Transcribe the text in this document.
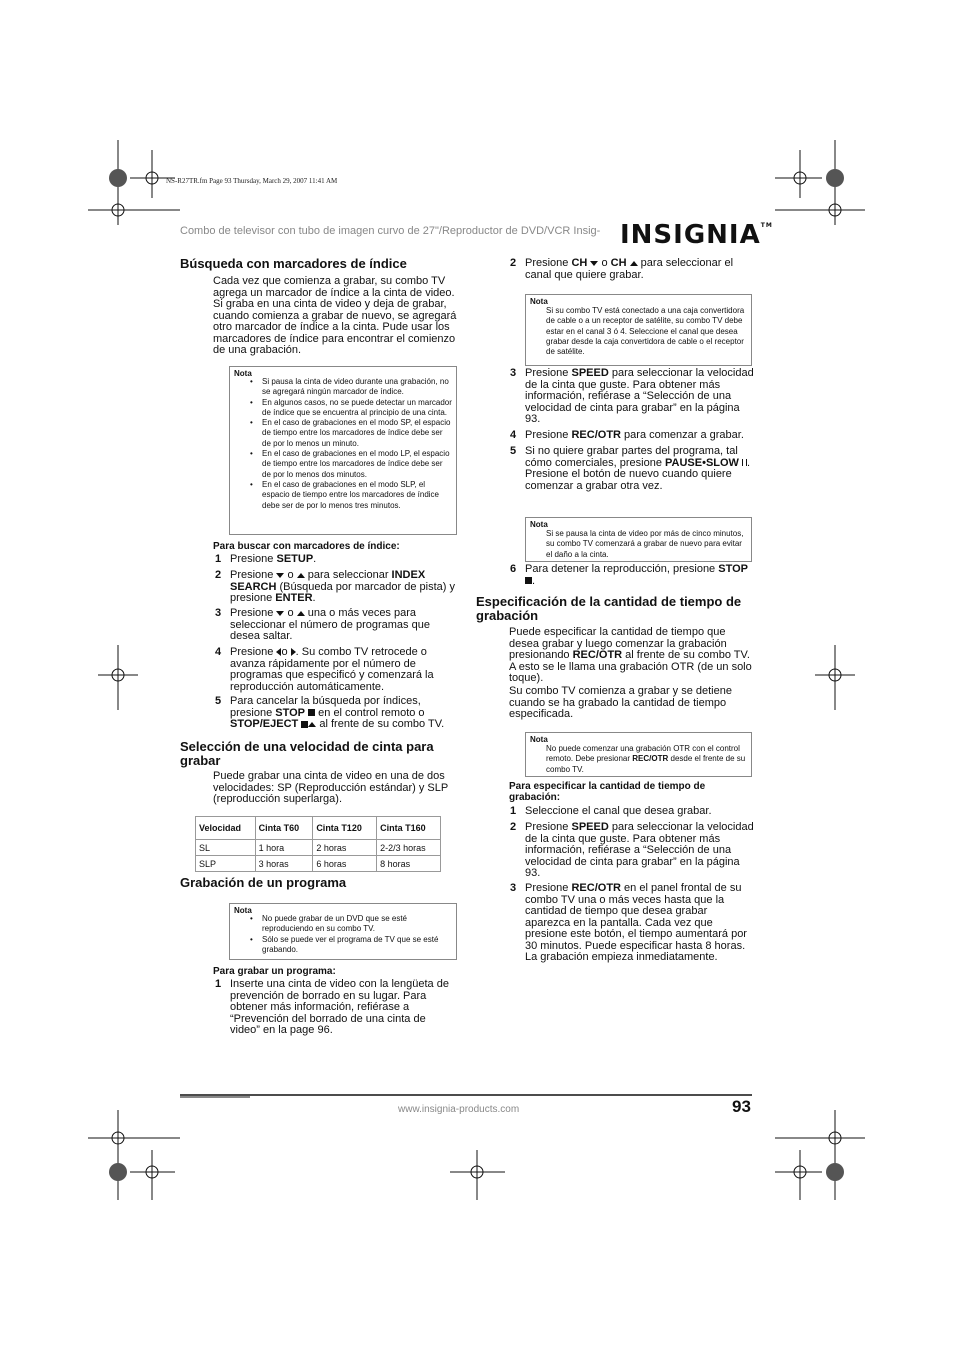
NS-R27TR.fm Page 93 Thursday, March 29, 2007 11:41 AM
Combo de televisor con tubo de imagen curvo de 27"/Reproductor de DVD/VCR Insig- INSIGNIA™
Búsqueda con marcadores de índice
Cada vez que comienza a grabar, su combo TV agrega un marcador de índice a la cinta de video. Si graba en una cinta de video y deja de grabar, cuando comienza a grabar de nuevo, se agregará otro marcador de índice a la cinta. Pude usar los marcadores de índice para encontrar el comienzo de una grabación.
Nota
• Si pausa la cinta de video durante una grabación, no se agregará ningún marcador de índice.
• En algunos casos, no se puede detectar un marcador de índice que se encuentra al principio de una cinta.
• En el caso de grabaciones en el modo SP, el espacio de tiempo entre los marcadores de índice debe ser de por lo menos un minuto.
• En el caso de grabaciones en el modo LP, el espacio de tiempo entre los marcadores de índice debe ser de por lo menos dos minutos.
• En el caso de grabaciones en el modo SLP, el espacio de tiempo entre los marcadores de índice debe ser de por lo menos tres minutos.
Para buscar con marcadores de índice:
1 Presione SETUP.
2 Presione  o  para seleccionar INDEX SEARCH (Búsqueda por marcador de pista) y presione ENTER.
3 Presione  o  una o más veces para seleccionar el número de programas que desea saltar.
4 Presione o . Su combo TV retrocede o avanza rápidamente por el número de programas que especificó y comenzará la reproducción automáticamente.
5 Para cancelar la búsqueda por índices, presione STOP  en el control remoto o STOP/EJECT  al frente de su combo TV.
Selección de una velocidad de cinta para grabar
Puede grabar una cinta de video en una de dos velocidades: SP (Reproducción estándar) y SLP (reproducción superlarga).
Velocidad	Cinta T60	Cinta T120	Cinta T160
SL	1 hora	2 horas	2-2/3 horas
SLP	3 horas	6 horas	8 horas
Grabación de un programa
Nota
• No puede grabar de un DVD que se esté reproduciendo en su combo TV.
• Sólo se puede ver el programa de TV que se esté grabando.
Para grabar un programa:
1 Inserte una cinta de video con la lengüeta de prevención de borrado en su lugar. Para obtener más información, refiérase a “Prevención del borrado de una cinta de video” en la page 96.
2 Presione CH  o CH  para seleccionar el canal que quiere grabar.
Nota
Si su combo TV está conectado a una caja convertidora de cable o a un receptor de satélite, su combo TV debe estar en el canal 3 ó 4. Seleccione el canal que desea grabar desde la caja convertidora de cable o el receptor de satélite.
3 Presione SPEED para seleccionar la velocidad de la cinta que guste. Para obtener más información, refiérase a “Selección de una velocidad de cinta para grabar” en la página 93.
4 Presione REC/OTR para comenzar a grabar.
5 Si no quiere grabar partes del programa, tal cómo comerciales, presione PAUSE•SLOW . Presione el botón de nuevo cuando quiere comenzar a grabar otra vez.
Nota
Si se pausa la cinta de video por más de cinco minutos, su combo TV comenzará a grabar de nuevo para evitar el daño a la cinta.
6 Para detener la reproducción, presione STOP .
Especificación de la cantidad de tiempo de grabación
Puede especificar la cantidad de tiempo que desea grabar y luego comenzar la grabación presionando REC/OTR al frente de su combo TV. A esto se le llama una grabación OTR (de un solo toque).
Su combo TV comienza a grabar y se detiene cuando se ha grabado la cantidad de tiempo especificada.
Nota
No puede comenzar una grabación OTR con el control remoto. Debe presionar REC/OTR desde el frente de su combo TV.
Para especificar la cantidad de tiempo de grabación:
1 Seleccione el canal que desea grabar.
2 Presione SPEED para seleccionar la velocidad de la cinta que guste. Para obtener más información, refiérase a “Selección de una velocidad de cinta para grabar” en la página 93.
3 Presione REC/OTR en el panel frontal de su combo TV una o más veces hasta que la cantidad de tiempo que desea grabar aparezca en la pantalla. Cada vez que presione este botón, el tiempo aumentará por 30 minutos. Puede especificar hasta 8 horas. La grabación empieza inmediatamente.
www.insignia-products.com	93
